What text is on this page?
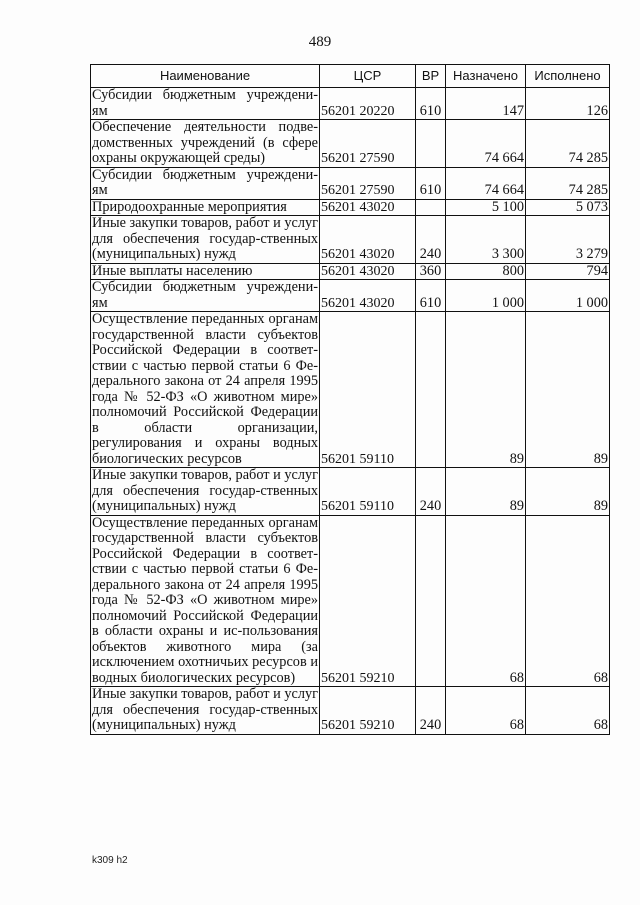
489
Наименование	ЦСР	ВР	Назначено	Исполнено
Субсидии бюджетным учреждени-ям	56201 20220	610	147	126
Обеспечение деятельности подве-домственных учреждений (в сфере охраны окружающей среды)	56201 27590		74 664	74 285
Субсидии бюджетным учреждени-ям	56201 27590	610	74 664	74 285
Природоохранные мероприятия	56201 43020		5 100	5 073
Иные закупки товаров, работ и услуг для обеспечения государ-ственных (муниципальных) нужд	56201 43020	240	3 300	3 279
Иные выплаты населению	56201 43020	360	800	794
Субсидии бюджетным учреждени-ям	56201 43020	610	1 000	1 000
Осуществление переданных органам государственной власти субъектов Российской Федерации в соответ-ствии с частью первой статьи 6 Фе-дерального закона от 24 апреля 1995 года № 52-ФЗ «О животном мире» полномочий Российской Федерации в области организации, регулирования и охраны водных биологических ресурсов	56201 59110		89	89
Иные закупки товаров, работ и услуг для обеспечения государ-ственных (муниципальных) нужд	56201 59110	240	89	89
Осуществление переданных органам государственной власти субъектов Российской Федерации в соответ-ствии с частью первой статьи 6 Фе-дерального закона от 24 апреля 1995 года № 52-ФЗ «О животном мире» полномочий Российской Федерации в области охраны и ис-пользования объектов животного мира (за исключением охотничьих ресурсов и водных биологических ресурсов)	56201 59210		68	68
Иные закупки товаров, работ и услуг для обеспечения государ-ственных (муниципальных) нужд	56201 59210	240	68	68
k309 h2
